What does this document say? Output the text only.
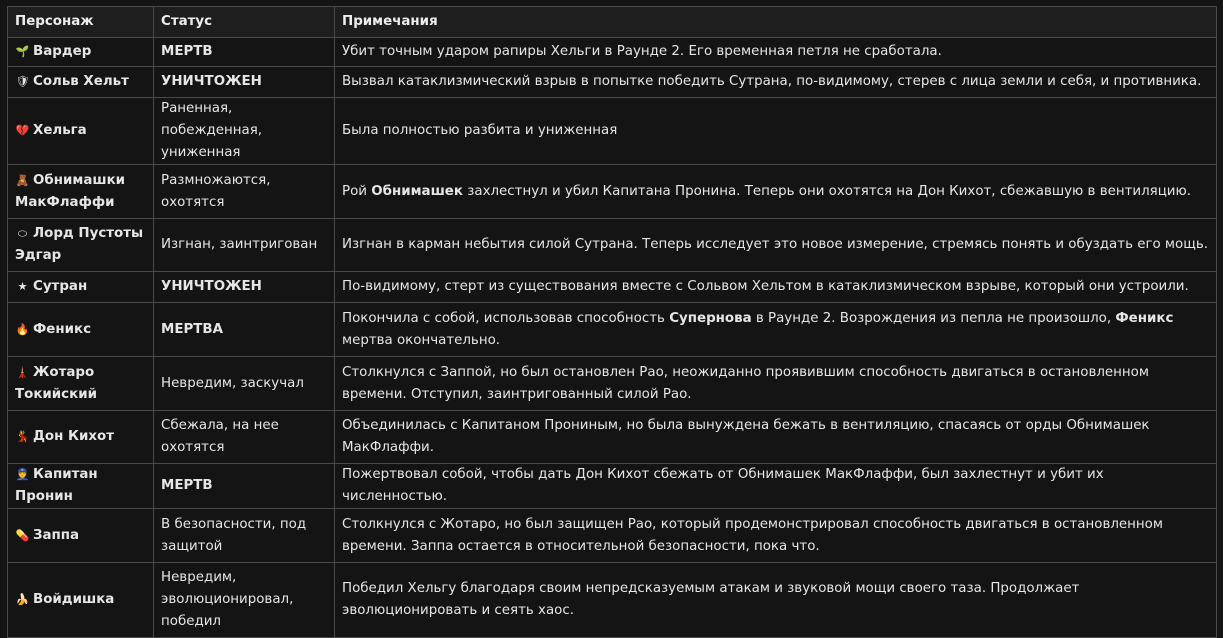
Персонаж	Статус	Примечания
🌱 Вардер	МЕРТВ	Убит точным ударом рапиры Хельги в Раунде 2. Его временная петля не сработала.
🛡 Сольв Хельт	УНИЧТОЖЕН	Вызвал катаклизмический взрыв в попытке победить Сутрана, по-видимому, стерев с лица земли и себя, и противника.
💔 Хельга	Раненная, побежденная, униженная	Была полностью разбита и униженная
🧸 Обнимашки МакФлаффи	Размножаются, охотятся	Рой Обнимашек захлестнул и убил Капитана Пронина. Теперь они охотятся на Дон Кихот, сбежавшую в вентиляцию.
⬭ Лорд Пустоты Эдгар	Изгнан, заинтригован	Изгнан в карман небытия силой Сутрана. Теперь исследует это новое измерение, стремясь понять и обуздать его мощь.
★ Сутран	УНИЧТОЖЕН	По-видимому, стерт из существования вместе с Сольвом Хельтом в катаклизмическом взрыве, который они устроили.
🔥 Феникс	МЕРТВА	Покончила с собой, использовав способность Супернова в Раунде 2. Возрождения из пепла не произошло, Феникс мертва окончательно.
🗼 Жотаро Токийский	Невредим, заскучал	Столкнулся с Заппой, но был остановлен Рао, неожиданно проявившим способность двигаться в остановленном времени. Отступил, заинтригованный силой Рао.
💃 Дон Кихот	Сбежала, на нее охотятся	Объединилась с Капитаном Прониным, но была вынуждена бежать в вентиляцию, спасаясь от орды Обнимашек МакФлаффи.
👮 Капитан Пронин	МЕРТВ	Пожертвовал собой, чтобы дать Дон Кихот сбежать от Обнимашек МакФлаффи, был захлестнут и убит их численностью.
💊 Заппа	В безопасности, под защитой	Столкнулся с Жотаро, но был защищен Рао, который продемонстрировал способность двигаться в остановленном времени. Заппа остается в относительной безопасности, пока что.
🍌 Войдишка	Невредим, эволюционировал, победил	Победил Хельгу благодаря своим непредсказуемым атакам и звуковой мощи своего таза. Продолжает эволюционировать и сеять хаос.
